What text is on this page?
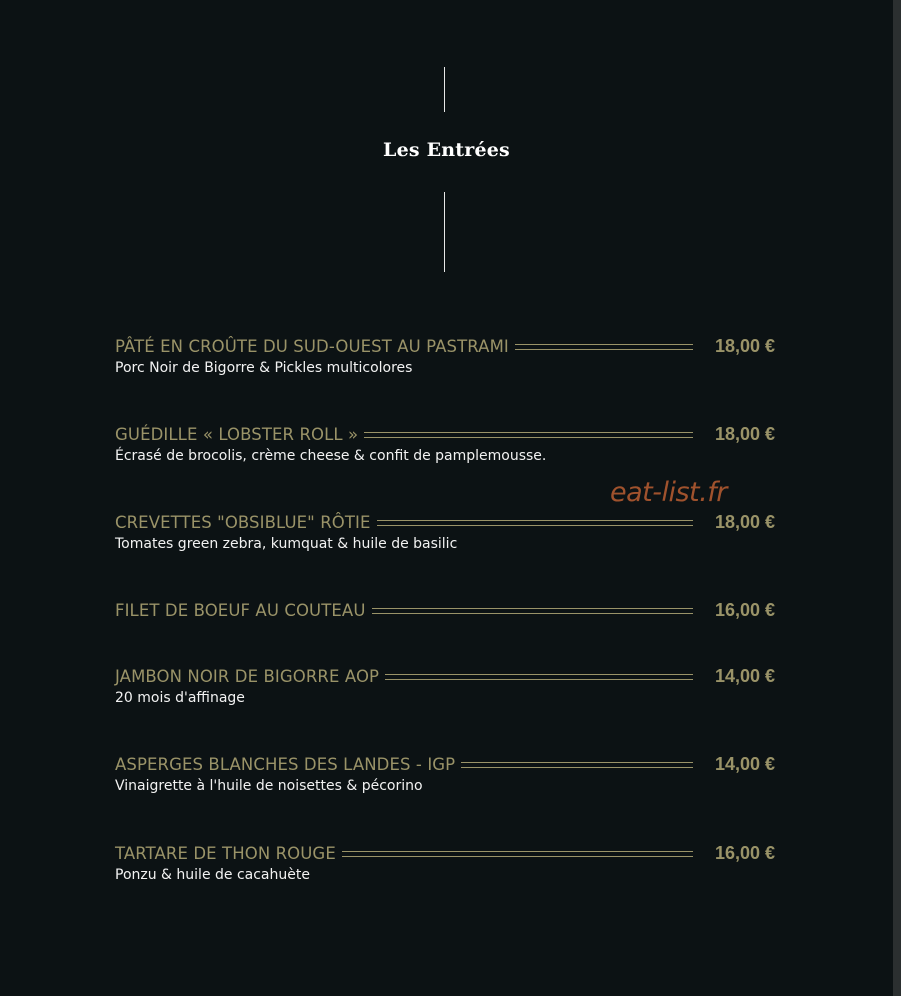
Les Entrées
PÂTÉ EN CROÛTE DU SUD-OUEST AU PASTRAMI	18,00 €
Porc Noir de Bigorre & Pickles multicolores
GUÉDILLE « LOBSTER ROLL »	18,00 €
Écrasé de brocolis, crème cheese & confit de pamplemousse.
CREVETTES "OBSIBLUE" RÔTIE	18,00 €
Tomates green zebra, kumquat & huile de basilic
FILET DE BOEUF AU COUTEAU	16,00 €
JAMBON NOIR DE BIGORRE AOP	14,00 €
20 mois d'affinage
ASPERGES BLANCHES DES LANDES - IGP	14,00 €
Vinaigrette à l'huile de noisettes & pécorino
TARTARE DE THON ROUGE	16,00 €
Ponzu & huile de cacahuète
eat-list.fr
